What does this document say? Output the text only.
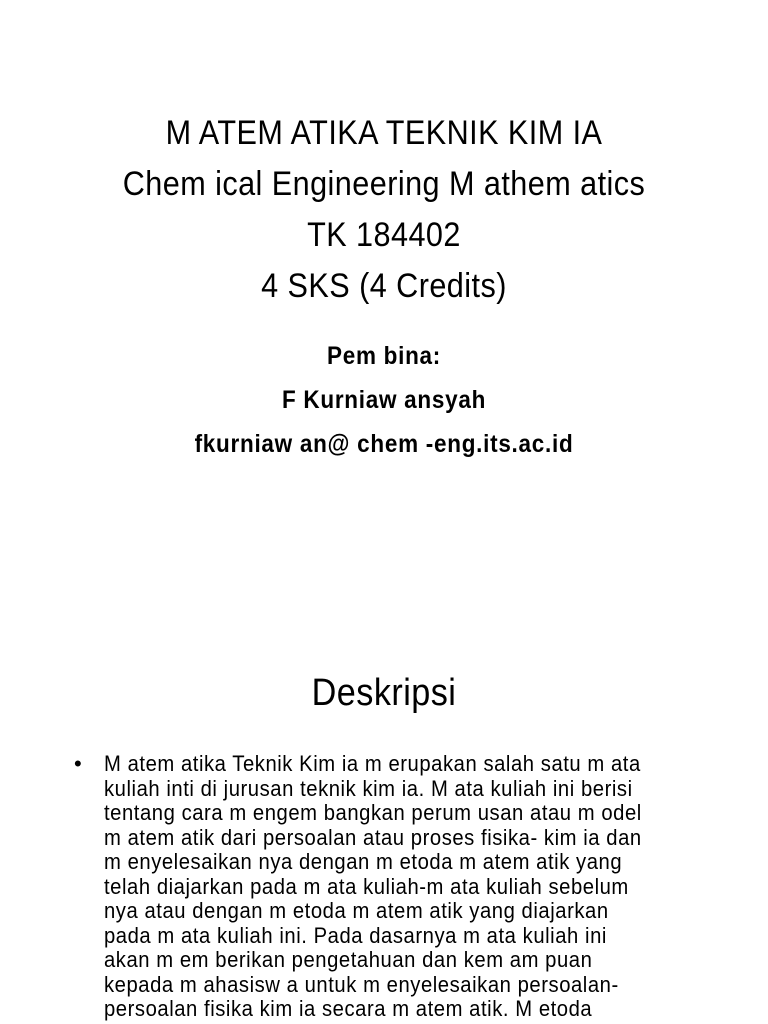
M ATEM ATIKA TEKNIK KIM IA
Chem ical Engineering M athem atics
TK 184402
4 SKS (4 Credits)
Pem bina:
F Kurniaw ansyah
fkurniaw an@ chem -eng.its.ac.id
Deskripsi
• M atem atika Teknik Kim ia m erupakan salah satu m ata
kuliah inti di jurusan teknik kim ia. M ata kuliah ini berisi
tentang cara m engem bangkan perum usan atau m odel
m atem atik dari persoalan atau proses fisika- kim ia dan
m enyelesaikan nya dengan m etoda m atem atik yang
telah diajarkan pada m ata kuliah-m ata kuliah sebelum
nya atau dengan m etoda m atem atik yang diajarkan
pada m ata kuliah ini. Pada dasarnya m ata kuliah ini
akan m em berikan pengetahuan dan kem am puan
kepada m ahasisw a untuk m enyelesaikan persoalan-
persoalan fisika kim ia secara m atem atik. M etoda
